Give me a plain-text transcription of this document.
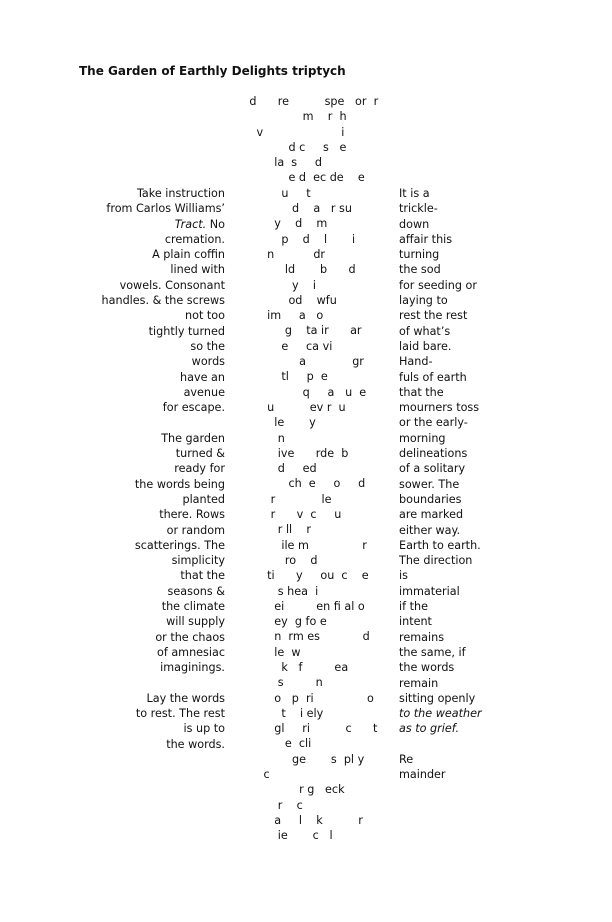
The Garden of Earthly Delights triptych
Take instruction
from Carlos Williams’
Tract. No
cremation.
A plain coffin
lined with
vowels. Consonant
handles. & the screws
not too
tightly turned
so the
words
have an
avenue
for escape.
The garden
turned &
ready for
the words being
planted
there. Rows
or random
scatterings. The
simplicity
that the
seasons &
the climate
will supply
or the chaos
of amnesiac
imaginings.
Lay the words
to rest. The rest
is up to
the words.
d      re          spe   or  r
m    r  h
v                      i
d c     s   e
la  s     d
e d  ec de    e
u     t
d    a   r su
y    d    m
p    d    l       i
n           dr
ld       b      d
y    i
od    wfu
im     a   o
g    ta ir      ar
e     ca vi
a             gr
tl     p  e
q     a   u  e
u          ev r  u
le       y
n
ive      rde  b
d     ed
ch  e     o     d
r             le
r      v  c     u
r ll    r
ile m               r
ro    d
ti      y     ou  c    e
s hea  i
ei         en fi al o
ey  g fo e
n  rm es            d
le  w
k   f         ea
s         n
o   p  ri               o
t    i ely
gl     ri          c      t
e  cli
ge       s  pl y
c
r g   eck
r    c
a     l    k          r
ie       c   l
It is a
trickle-
down
affair this
turning
the sod
for seeding or
laying to
rest the rest
of what’s
laid bare.
Hand-
fuls of earth
that the
mourners toss
or the early-
morning
delineations
of a solitary
sower. The
boundaries
are marked
either way.
Earth to earth.
The direction
is
immaterial
if the
intent
remains
the same, if
the words
remain
sitting openly
to the weather
as to grief.
Re
mainder
